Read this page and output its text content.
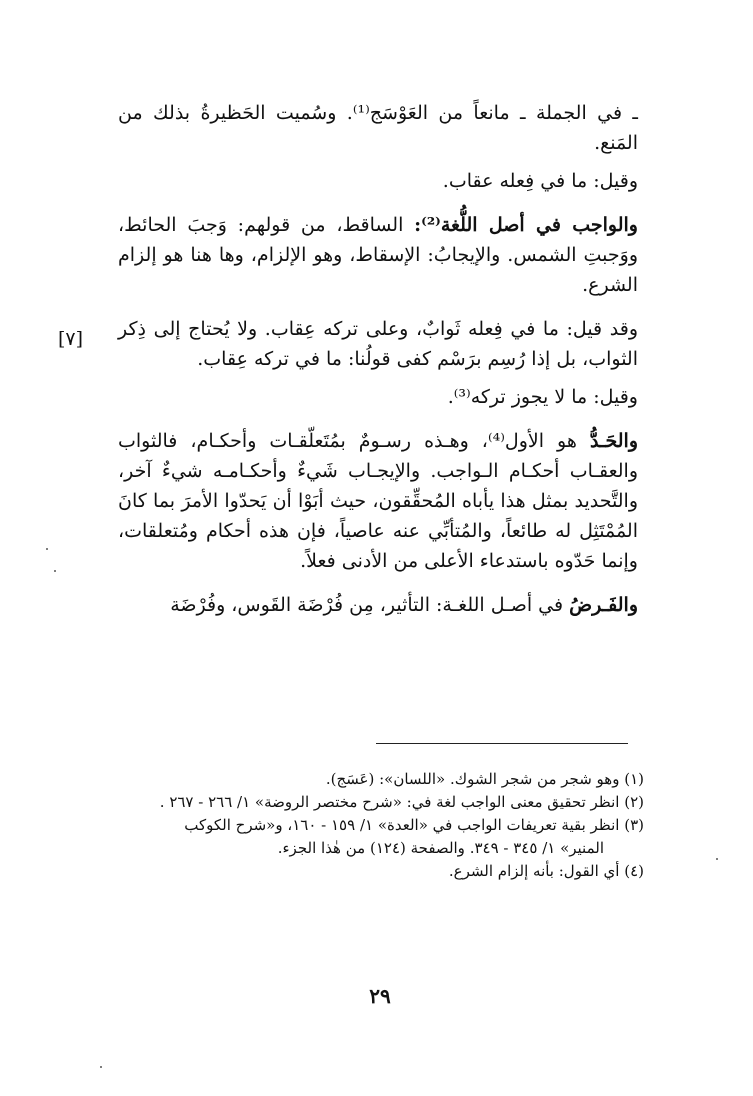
ـ في الجملة ـ مانعاً من العَوْسَج⁽¹⁾. وسُميت الحَظيرةُ بذلك من المَنع.

وقيل: ما في فِعله عقاب.

والواجب في أصل اللُّغة⁽²⁾: الساقط، من قولهم: وَجبَ الحائط، ووَجبتِ الشمس. والإيجابُ: الإسقاط، وهو الإلزام، وها هنا هو إلزام الشرع.

وقد قيل: ما في فِعله ثَوابٌ، وعلى تركه عِقاب. ولا يُحتاج إلى ذِكر الثواب، بل إذا رُسِم برَسْم كفى قولُنا: ما في تركه عِقاب.

وقيل: ما لا يجوز تركه⁽³⁾.

والحَـدُّ هو الأول⁽⁴⁾، وهـذه رسـومٌ بمُتَعلّقـات وأحكـام، فالثواب والعقـاب أحكـام الـواجب. والإيجـاب شَيءٌ وأحكـامـه شيءٌ آخر، والتَّحديد بمثل هذا يأباه المُحقِّقون، حيث أبَوْا أن يَحدّوا الأمرَ بما كانَ المُمْتَثِل له طائعاً، والمُتأبِّي عنه عاصياً، فإن هذه أحكام ومُتعلقات، وإنما حَدّوه باستدعاء الأعلى من الأدنى فعلاً.

والفَـرضُ في أصـل اللغـة: التأثير، مِن فُرْضَة القَوس، وفُرْضَة

[٧]

(١) وهو شجر من شجر الشوك. «اللسان»: (عَسَج).

(٢) انظر تحقيق معنى الواجب لغة في: «شرح مختصر الروضة» ١/ ٢٦٦ - ٢٦٧ .

(٣) انظر بقية تعريفات الواجب في «العدة» ١/ ١٥٩ - ١٦٠، و«شرح الكوكب

المنير» ١/ ٣٤٥ - ٣٤٩. والصفحة (١٢٤) من هٰذا الجزء.

(٤) أي القول: بأنه إلزام الشرع.

٢٩
